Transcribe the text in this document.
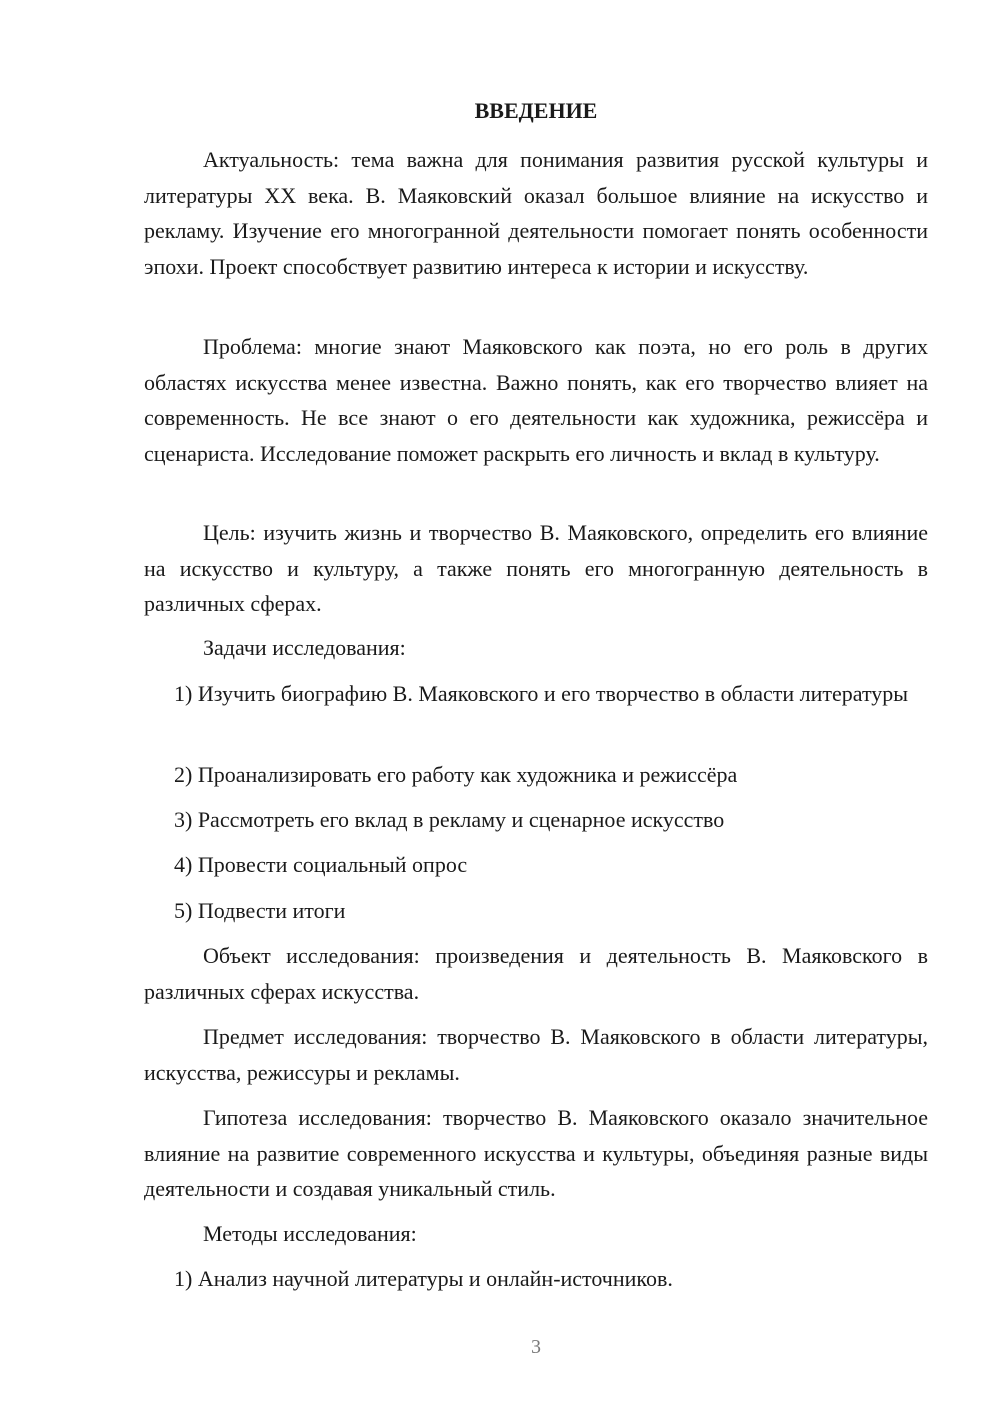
ВВЕДЕНИЕ

Актуальность: тема важна для понимания развития русской культуры и литературы XX века. В. Маяковский оказал большое влияние на искусство и рекламу. Изучение его многогранной деятельности помогает понять особенности эпохи. Проект способствует развитию интереса к истории и искусству.

Проблема: многие знают Маяковского как поэта, но его роль в других областях искусства менее известна. Важно понять, как его творчество влияет на современность. Не все знают о его деятельности как художника, режиссёра и сценариста. Исследование поможет раскрыть его личность и вклад в культуру.

Цель: изучить жизнь и творчество В. Маяковского, определить его влияние на искусство и культуру, а также понять его многогранную деятельность в различных сферах.

Задачи исследования:

1) Изучить биографию В. Маяковского и его творчество в области литературы

2) Проанализировать его работу как художника и режиссёра

3) Рассмотреть его вклад в рекламу и сценарное искусство

4) Провести социальный опрос

5) Подвести итоги

Объект исследования: произведения и деятельность В. Маяковского в различных сферах искусства.

Предмет исследования: творчество В. Маяковского в области литературы, искусства, режиссуры и рекламы.

Гипотеза исследования: творчество В. Маяковского оказало значительное влияние на развитие современного искусства и культуры, объединяя разные виды деятельности и создавая уникальный стиль.

Методы исследования:

1) Анализ научной литературы и онлайн-источников.

3
